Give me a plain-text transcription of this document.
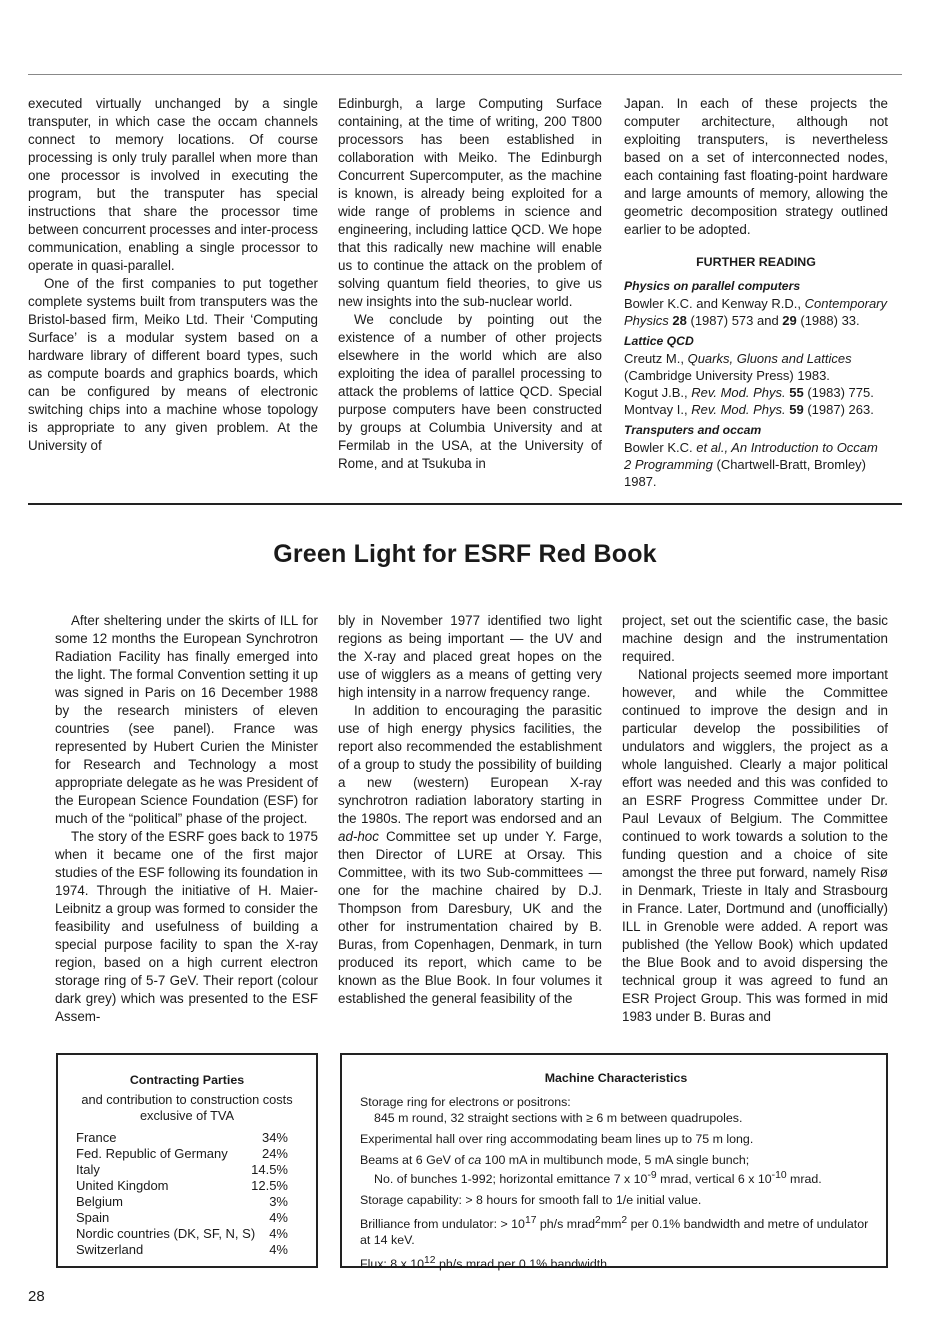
executed virtually unchanged by a single transputer, in which case the occam channels connect to memory locations. Of course processing is only truly parallel when more than one processor is involved in executing the program, but the transputer has special instructions that share the processor time between concurrent processes and inter-process communication, enabling a single processor to operate in quasi-parallel.

One of the first companies to put together complete systems built from transputers was the Bristol-based firm, Meiko Ltd. Their ‘Computing Surface’ is a modular system based on a hardware library of different board types, such as compute boards and graphics boards, which can be configured by means of electronic switching chips into a machine whose topology is appropriate to any given problem. At the University of

Edinburgh, a large Computing Surface containing, at the time of writing, 200 T800 processors has been established in collaboration with Meiko. The Edinburgh Concurrent Supercomputer, as the machine is known, is already being exploited for a wide range of problems in science and engineering, including lattice QCD. We hope that this radically new machine will enable us to continue the attack on the problem of solving quantum field theories, to give us new insights into the sub-nuclear world.

We conclude by pointing out the existence of a number of other projects elsewhere in the world which are also exploiting the idea of parallel processing to attack the problems of lattice QCD. Special purpose computers have been constructed by groups at Columbia University and at Fermilab in the USA, at the University of Rome, and at Tsukuba in

Japan. In each of these projects the computer architecture, although not exploiting transputers, is nevertheless based on a set of interconnected nodes, each containing fast floating-point hardware and large amounts of memory, allowing the geometric decomposition strategy outlined earlier to be adopted.

FURTHER READING
Physics on parallel computers
Bowler K.C. and Kenway R.D., Contemporary Physics 28 (1987) 573 and 29 (1988) 33.
Lattice QCD
Creutz M., Quarks, Gluons and Lattices (Cambridge University Press) 1983.
Kogut J.B., Rev. Mod. Phys. 55 (1983) 775.
Montvay I., Rev. Mod. Phys. 59 (1987) 263.
Transputers and occam
Bowler K.C. et al., An Introduction to Occam 2 Programming (Chartwell-Bratt, Bromley) 1987.
Green Light for ESRF Red Book

After sheltering under the skirts of ILL for some 12 months the European Synchrotron Radiation Facility has finally emerged into the light. The formal Convention setting it up was signed in Paris on 16 December 1988 by the research ministers of eleven countries (see panel). France was represented by Hubert Curien the Minister for Research and Technology a most appropriate delegate as he was President of the European Science Foundation (ESF) for much of the “political” phase of the project.

The story of the ESRF goes back to 1975 when it became one of the first major studies of the ESF following its foundation in 1974. Through the initiative of H. Maier-Leibnitz a group was formed to consider the feasibility and usefulness of building a special purpose facility to span the X-ray region, based on a high current electron storage ring of 5-7 GeV. Their report (colour dark grey) which was presented to the ESF Assem-

bly in November 1977 identified two light regions as being important — the UV and the X-ray and placed great hopes on the use of wigglers as a means of getting very high intensity in a narrow frequency range.

In addition to encouraging the parasitic use of high energy physics facilities, the report also recommended the establishment of a group to study the possibility of building a new (western) European X-ray synchrotron radiation laboratory starting in the 1980s. The report was endorsed and an ad-hoc Committee set up under Y. Farge, then Director of LURE at Orsay. This Committee, with its two Sub-committees — one for the machine chaired by D.J. Thompson from Daresbury, UK and the other for instrumentation chaired by B. Buras, from Copenhagen, Denmark, in turn produced its report, which came to be known as the Blue Book. In four volumes it established the general feasibility of the

project, set out the scientific case, the basic machine design and the instrumentation required.

National projects seemed more important however, and while the Committee continued to improve the design and in particular develop the possibilities of undulators and wigglers, the project as a whole languished. Clearly a major political effort was needed and this was confided to an ESRF Progress Committee under Dr. Paul Levaux of Belgium. The Committee continued to work towards a solution to the funding question and a choice of site amongst the three put forward, namely Risø in Denmark, Trieste in Italy and Strasbourg in France. Later, Dortmund and (unofficially) ILL in Grenoble were added. A report was published (the Yellow Book) which updated the Blue Book and to avoid dispersing the technical group it was agreed to fund an ESR Project Group. This was formed in mid 1983 under B. Buras and

Contracting Parties
and contribution to construction costs exclusive of TVA
France	34%
Fed. Republic of Germany	24%
Italy	14.5%
United Kingdom	12.5%
Belgium	3%
Spain	4%
Nordic countries (DK, SF, N, S) 4%
Switzerland	4%
Machine Characteristics
Storage ring for electrons or positrons:
845 m round, 32 straight sections with ≥ 6 m between quadrupoles.
Experimental hall over ring accommodating beam lines up to 75 m long.
Beams at 6 GeV of ca 100 mA in multibunch mode, 5 mA single bunch;
No. of bunches 1-992; horizontal emittance 7 x $10^{-9}$ mrad, vertical 6 x $10^{-10}$ mrad.
Storage capability: > 8 hours for smooth fall to 1/e initial value.
Brilliance from undulator: > $10^{17}$ ph/s $mrad^2mm^2$ per 0.1% bandwidth and metre of undulator at 14 keV.
Flux: 8 x $10^{12}$ ph/s mrad per 0.1% bandwidth.
28
